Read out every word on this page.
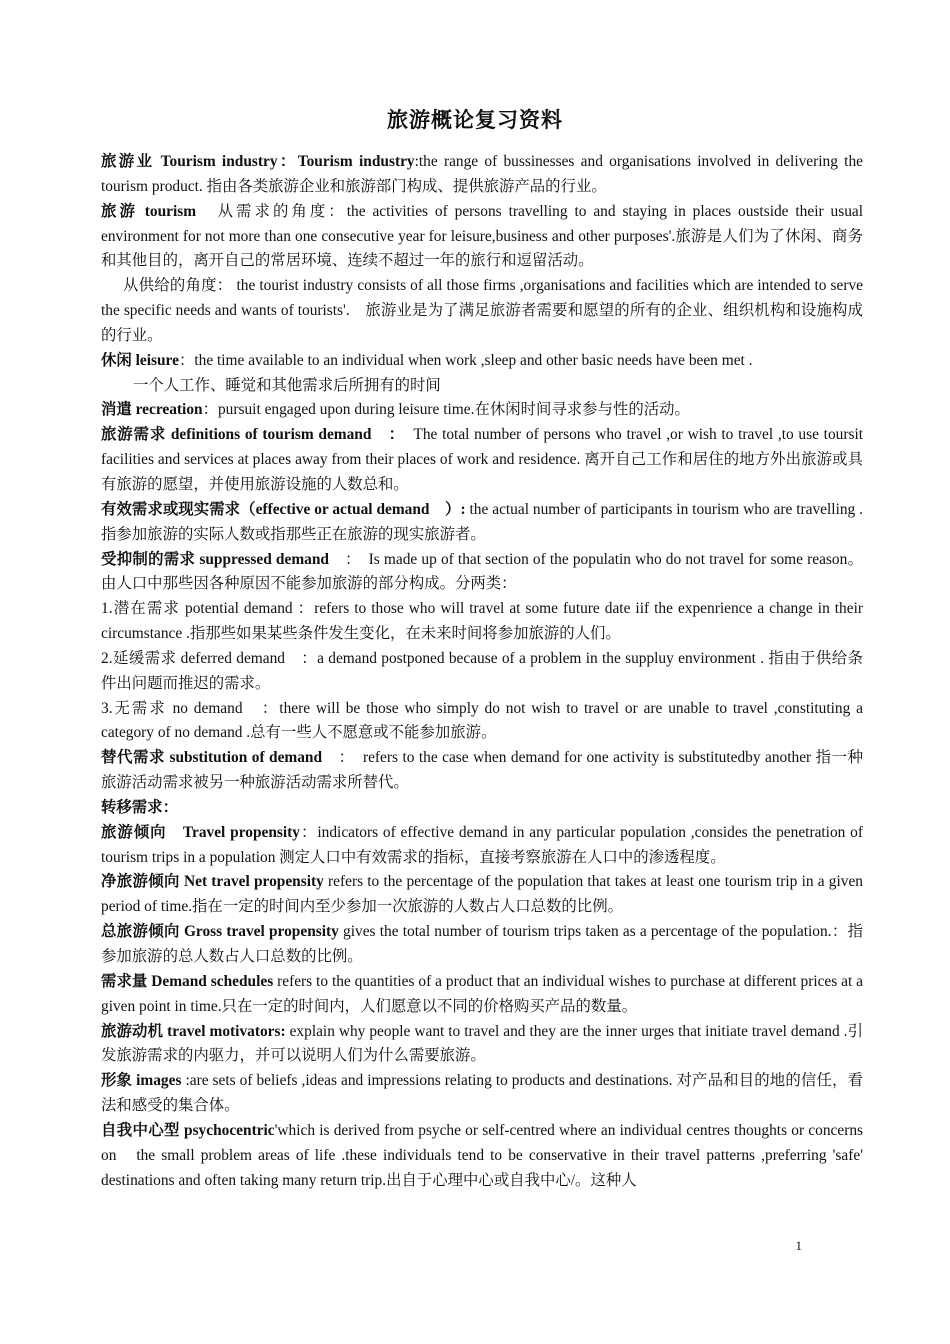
旅游概论复习资料

旅游业 Tourism industry：Tourism industry:the range of bussinesses and organisations involved in delivering the tourism product. 指由各类旅游企业和旅游部门构成、提供旅游产品的行业。

旅游 tourism　从需求的角度：the activities of persons travelling to and staying in places oustside their usual environment for not more than one consecutive year for leisure,business and other purposes'.旅游是人们为了休闲、商务和其他目的，离开自己的常居环境、连续不超过一年的旅行和逗留活动。

从供给的角度： the tourist industry consists of all those firms ,organisations and facilities which are intended to serve the specific needs and wants of tourists'.　旅游业是为了满足旅游者需要和愿望的所有的企业、组织机构和设施构成的行业。

休闲 leisure：the time available to an individual when work ,sleep and other basic needs have been met .

一个人工作、睡觉和其他需求后所拥有的时间

消遣 recreation：pursuit engaged upon during leisure time.在休闲时间寻求参与性的活动。

旅游需求 definitions of tourism demand　：　The total number of persons who travel ,or wish to travel ,to use toursit facilities and services at places away from their places of work and residence. 离开自己工作和居住的地方外出旅游或具有旅游的愿望，并使用旅游设施的人数总和。

有效需求或现实需求（effective or actual demand　）: the actual number of participants in tourism who are travelling . 指参加旅游的实际人数或指那些正在旅游的现实旅游者。

受抑制的需求 suppressed demand　：　Is made up of that section of the populatin who do not travel for some reason。由人口中那些因各种原因不能参加旅游的部分构成。分两类：

1.潜在需求 potential demand ：refers to those who will travel at some future date iif the expenrience a change in their circumstance .指那些如果某些条件发生变化，在未来时间将参加旅游的人们。

2.延缓需求 deferred demand　：a demand postponed because of a problem in the suppluy environment . 指由于供给条件出问题而推迟的需求。

3.无需求 no demand　：there will be those who simply do not wish to travel or are unable to travel ,constituting a category of no demand .总有一些人不愿意或不能参加旅游。

替代需求 substitution of demand　：　refers to the case when demand for one activity is substitutedby another 指一种旅游活动需求被另一种旅游活动需求所替代。

转移需求：

旅游倾向　Travel propensity：indicators of effective demand in any particular population ,consides the penetration of tourism trips in a population 测定人口中有效需求的指标，直接考察旅游在人口中的渗透程度。

净旅游倾向 Net travel propensity refers to the percentage of the population that takes at least one tourism trip in a given period of time.指在一定的时间内至少参加一次旅游的人数占人口总数的比例。

总旅游倾向 Gross travel propensity gives the total number of tourism trips taken as a percentage of the population.：指参加旅游的总人数占人口总数的比例。

需求量 Demand schedules refers to the quantities of a product that an individual wishes to purchase at different prices at a given point in time.只在一定的时间内，人们愿意以不同的价格购买产品的数量。

旅游动机 travel motivators: explain why people want to travel and they are the inner urges that initiate travel demand .引发旅游需求的内驱力，并可以说明人们为什么需要旅游。

形象 images :are sets of beliefs ,ideas and impressions relating to products and destinations. 对产品和目的地的信任，看法和感受的集合体。

自我中心型 psychocentric'which is derived from psyche or self-centred where an individual centres thoughts or concerns on　the small problem areas of life .these individuals tend to be conservative in their travel patterns ,preferring 'safe' destinations and often taking many return trip.出自于心理中心或自我中心/。这种人

1
